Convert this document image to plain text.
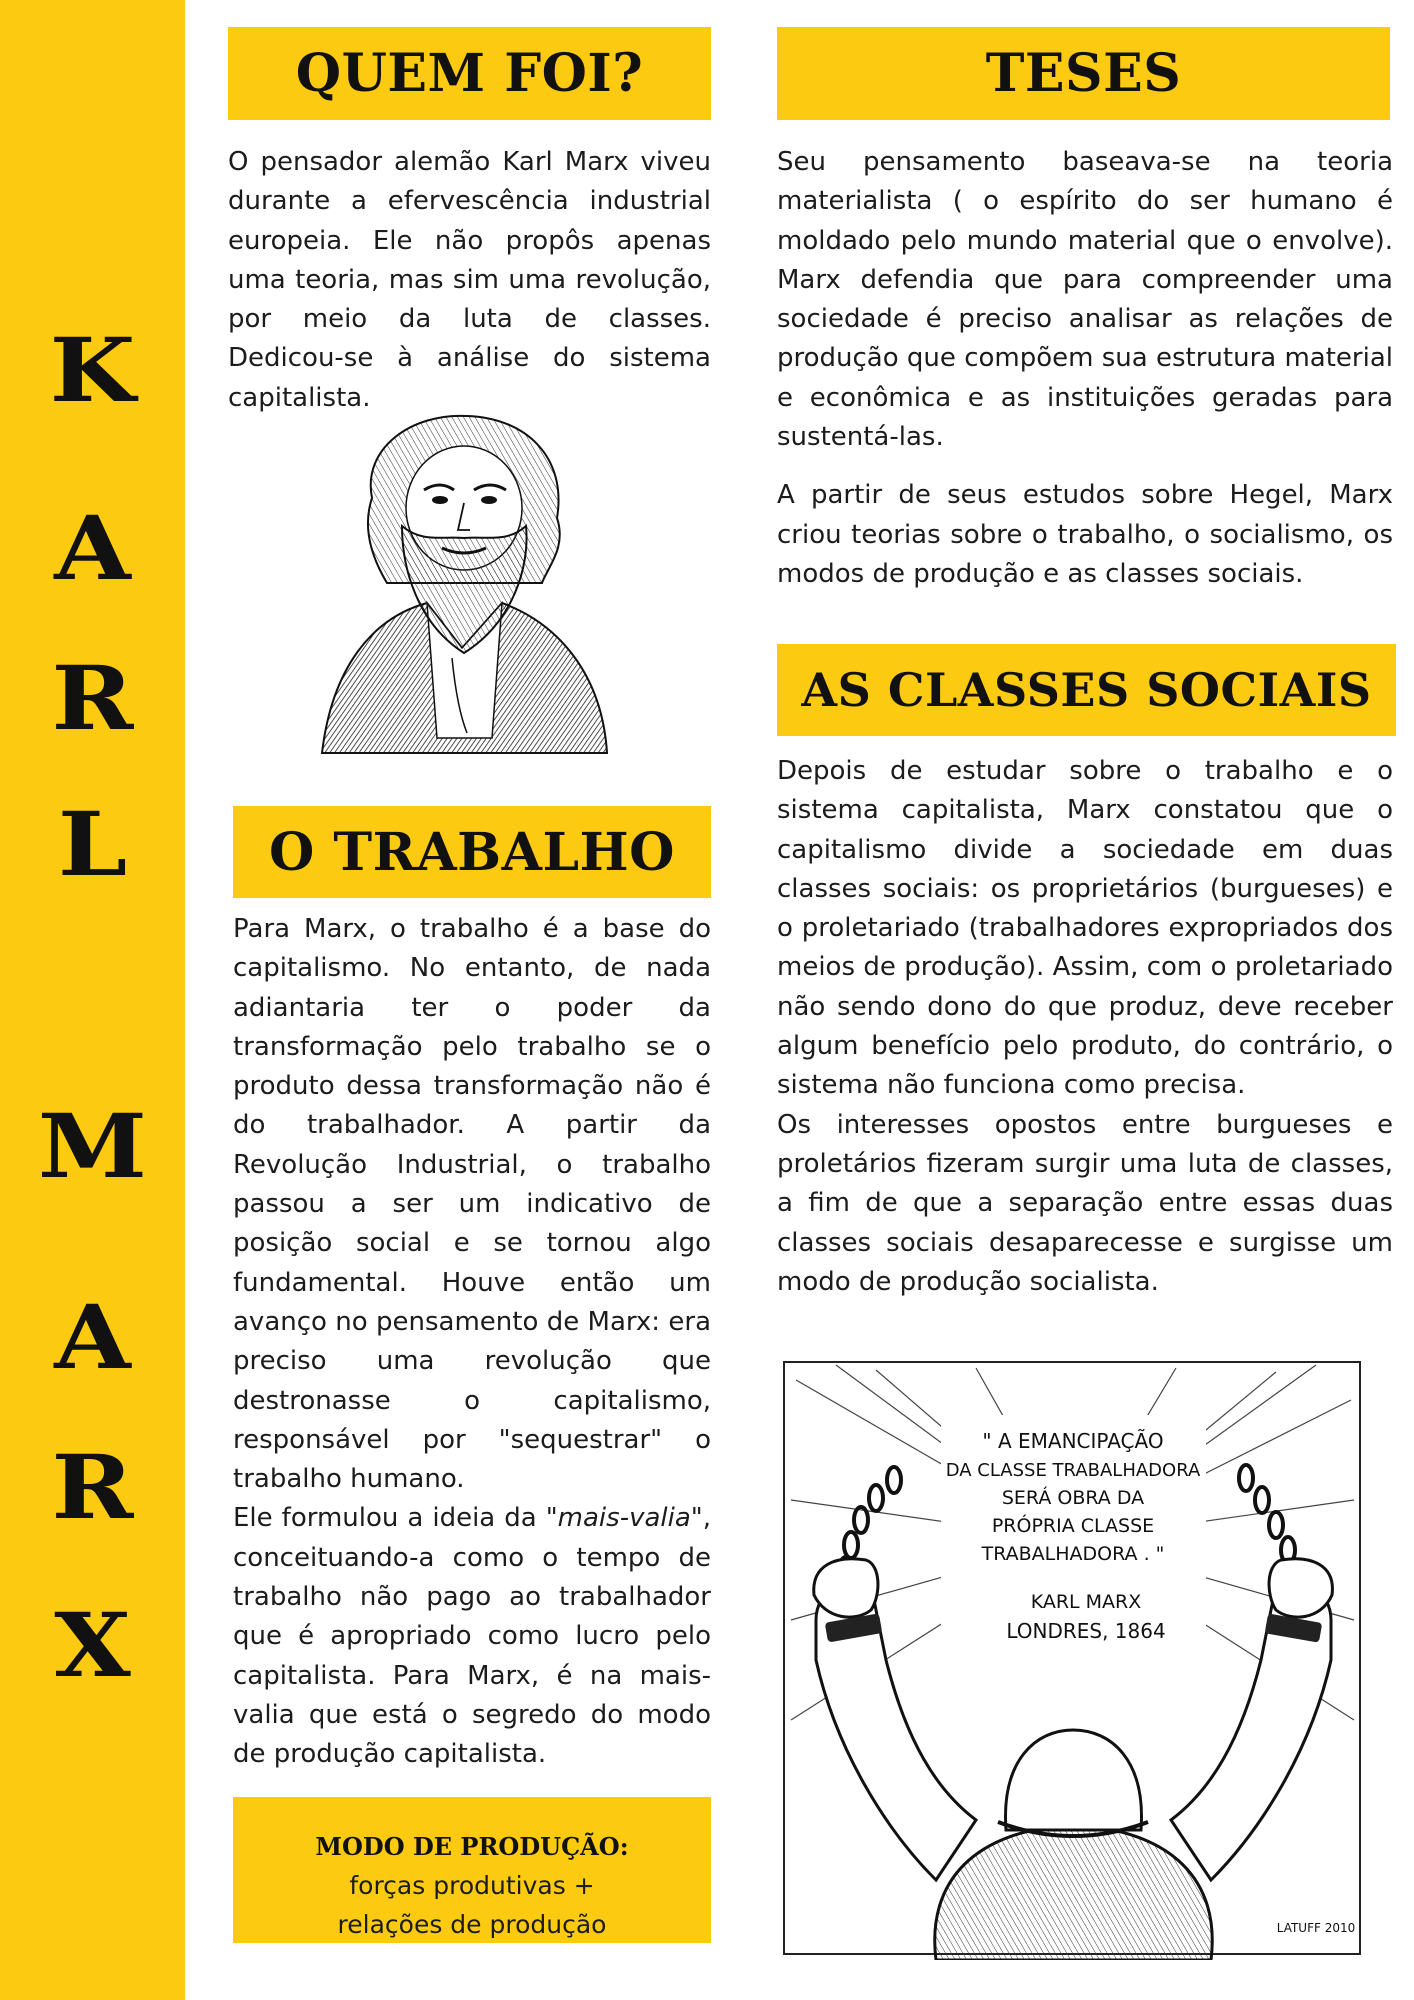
K
A
R
L
M
A
R
X
QUEM FOI?
O pensador alemão Karl Marx viveu durante a efervescência industrial europeia. Ele não propôs apenas uma teoria, mas sim uma revolução, por meio da luta de classes. Dedicou-se à análise do sistema capitalista.
TESES

Seu pensamento baseava-se na teoria materialista ( o espírito do ser humano é moldado pelo mundo material que o envolve). Marx defendia que para compreender uma sociedade é preciso analisar as relações de produção que compõem sua estrutura material e econômica e as instituições geradas para sustentá-las.

A partir de seus estudos sobre Hegel, Marx criou teorias sobre o trabalho, o socialismo, os modos de produção e as classes sociais.

AS CLASSES SOCIAIS

Depois de estudar sobre o trabalho e o sistema capitalista, Marx constatou que o capitalismo divide a sociedade em duas classes sociais: os proprietários (burgueses) e o proletariado (trabalhadores expropriados dos meios de produção). Assim, com o proletariado não sendo dono do que produz, deve receber algum benefício pelo produto, do contrário, o sistema não funciona como precisa.

Os interesses opostos entre burgueses e proletários fizeram surgir uma luta de classes, a fim de que a separação entre essas duas classes sociais desaparecesse e surgisse um modo de produção socialista.

O TRABALHO

Para Marx, o trabalho é a base do capitalismo. No entanto, de nada adiantaria ter o poder da transformação pelo trabalho se o produto dessa transformação não é do trabalhador. A partir da Revolução Industrial, o trabalho passou a ser um indicativo de posição social e se tornou algo fundamental. Houve então um avanço no pensamento de Marx: era preciso uma revolução que destronasse o capitalismo, responsável por "sequestrar" o trabalho humano.

Ele formulou a ideia da "mais-valia", conceituando-a como o tempo de trabalho não pago ao trabalhador que é apropriado como lucro pelo capitalista. Para Marx, é na mais-valia que está o segredo do modo de produção capitalista.

MODO DE PRODUÇÃO:
forças produtivas +
relações de produção
" A EMANCIPAÇÃO
DA CLASSE TRABALHADORA
SERÁ OBRA DA
PRÓPRIA CLASSE
TRABALHADORA . "
KARL MARX
LONDRES, 1864
LATUFF 2010
